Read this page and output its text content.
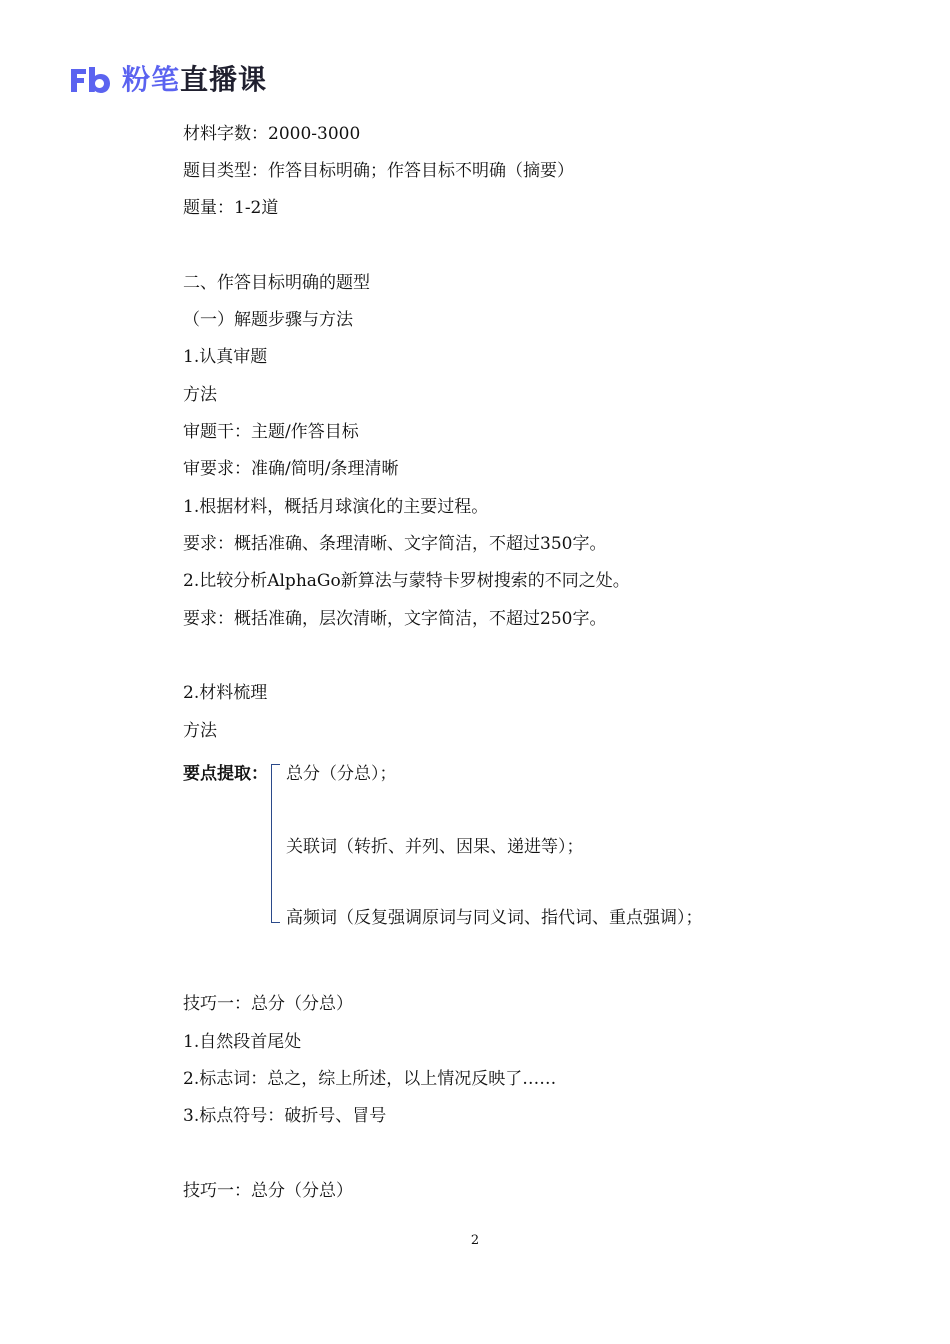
粉笔直播课
材料字数：2000-3000
题目类型：作答目标明确；作答目标不明确（摘要）
题量：1-2道
二、作答目标明确的题型
（一）解题步骤与方法
1.认真审题
方法
审题干：主题/作答目标
审要求：准确/简明/条理清晰
1.根据材料，概括月球演化的主要过程。
要求：概括准确、条理清晰、文字简洁，不超过350字。
2.比较分析AlphaGo新算法与蒙特卡罗树搜索的不同之处。
要求：概括准确，层次清晰，文字简洁，不超过250字。
2.材料梳理
方法
要点提取： 总分（分总）；
关联词（转折、并列、因果、递进等）；
高频词（反复强调原词与同义词、指代词、重点强调）；
技巧一：总分（分总）
1.自然段首尾处
2.标志词：总之，综上所述，以上情况反映了……
3.标点符号：破折号、冒号
技巧一：总分（分总）
2
